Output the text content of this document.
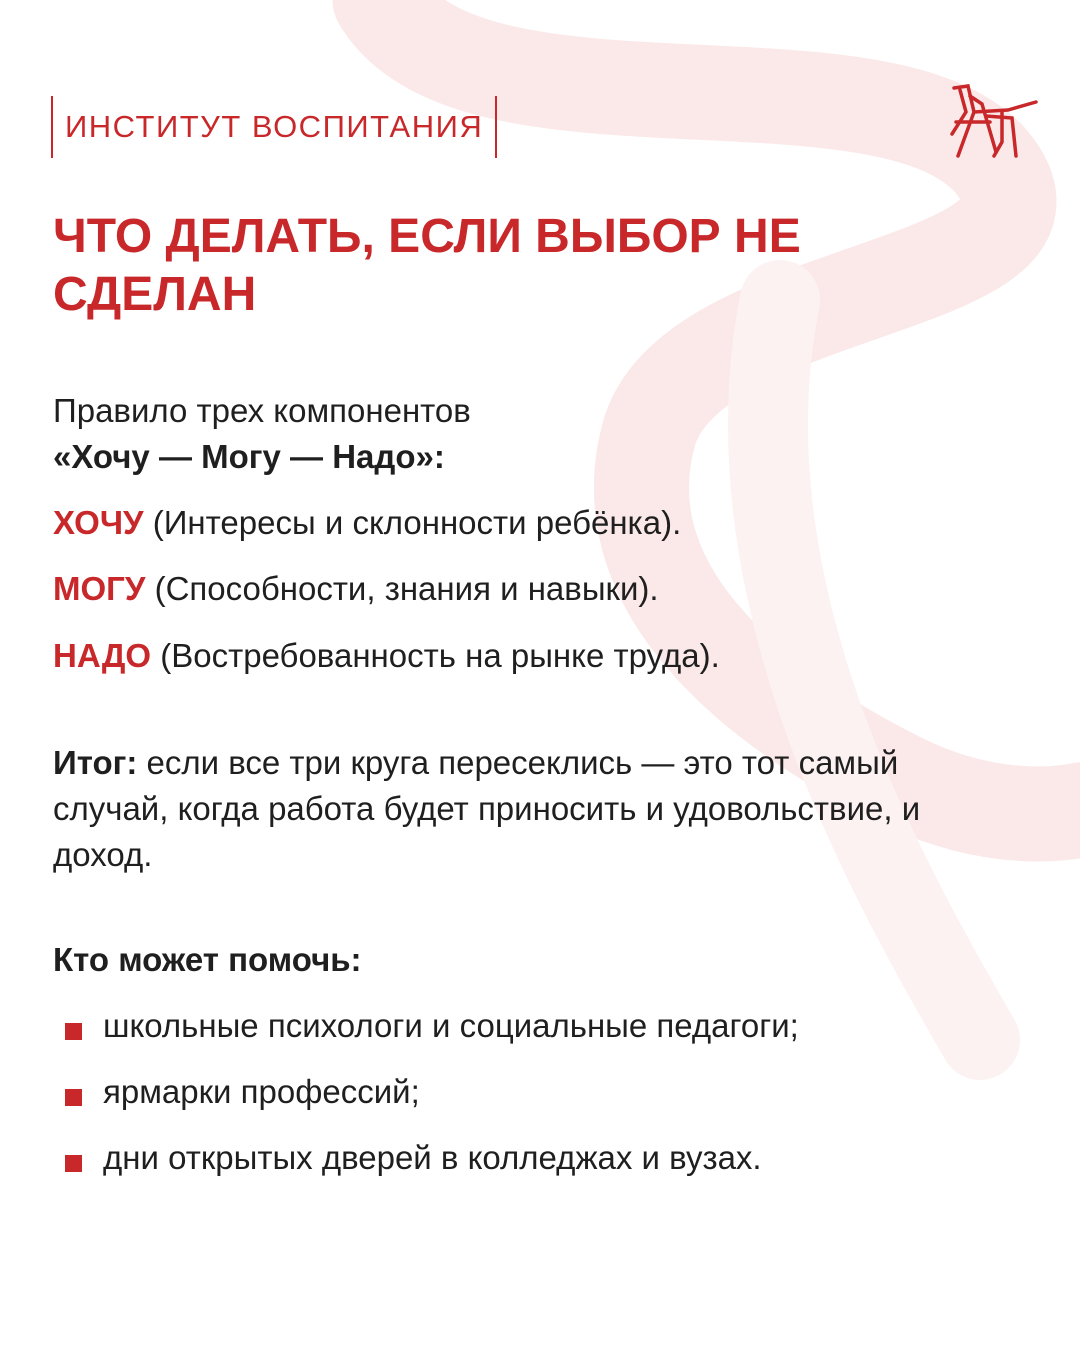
ИНСТИТУТ ВОСПИТАНИЯ
ЧТО ДЕЛАТЬ, ЕСЛИ ВЫБОР НЕ СДЕЛАН
Правило трех компонентов
«Хочу — Могу — Надо»:
ХОЧУ (Интересы и склонности ребёнка).
МОГУ (Способности, знания и навыки).
НАДО (Востребованность на рынке труда).
Итог: если все три круга пересеклись — это тот самый случай, когда работа будет приносить и удовольствие, и доход.
Кто может помочь:
школьные психологи и социальные педагоги;
ярмарки профессий;
дни открытых дверей в колледжах и вузах.
